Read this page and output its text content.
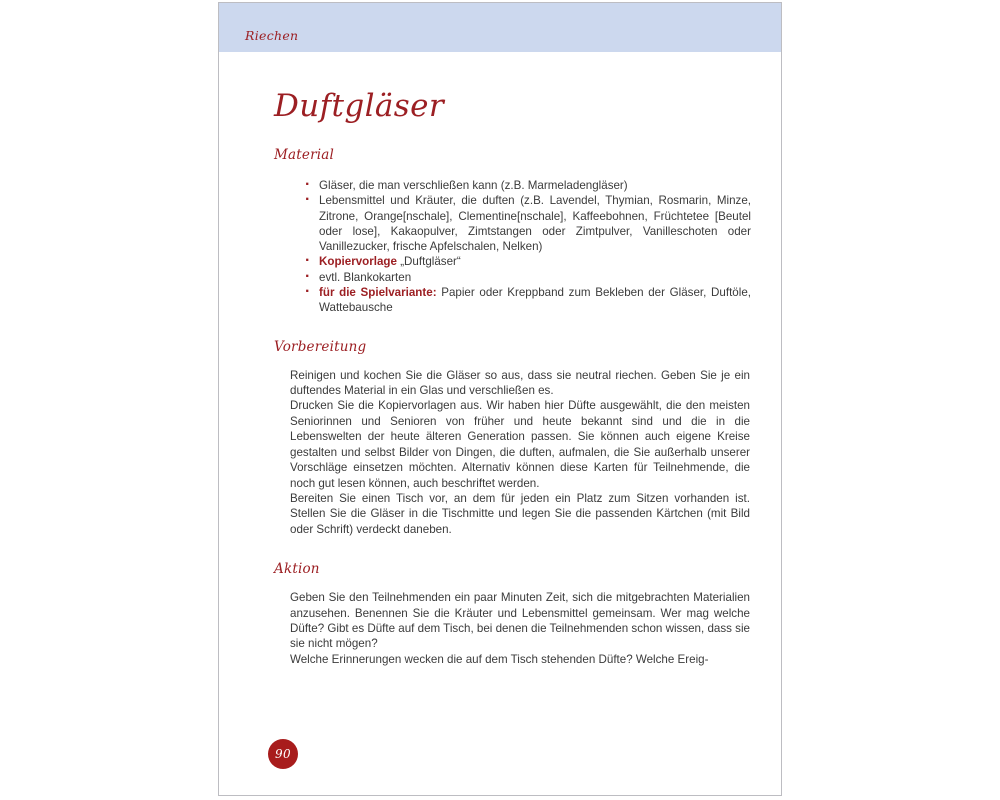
Riechen
Duftgläser
Material
· Gläser, die man verschließen kann (z.B. Marmeladengläser)
· Lebensmittel und Kräuter, die duften (z.B. Lavendel, Thymian, Rosmarin, Minze, Zitrone, Orange[nschale], Clementine[nschale], Kaffeebohnen, Früchtetee [Beutel oder lose], Kakaopulver, Zimtstangen oder Zimtpulver, Vanilleschoten oder Vanillezucker, frische Apfelschalen, Nelken)
· Kopiervorlage „Duftgläser“
· evtl. Blankokarten
· für die Spielvariante: Papier oder Kreppband zum Bekleben der Gläser, Duftöle, Wattebausche
Vorbereitung

Reinigen und kochen Sie die Gläser so aus, dass sie neutral riechen. Geben Sie je ein duftendes Material in ein Glas und verschließen es.

Drucken Sie die Kopiervorlagen aus. Wir haben hier Düfte ausgewählt, die den meisten Seniorinnen und Senioren von früher und heute bekannt sind und die in die Lebenswelten der heute älteren Generation passen. Sie können auch eigene Kreise gestalten und selbst Bilder von Dingen, die duften, aufmalen, die Sie außerhalb unserer Vorschläge einsetzen möchten. Alternativ können diese Karten für Teilnehmende, die noch gut lesen können, auch beschriftet werden.

Bereiten Sie einen Tisch vor, an dem für jeden ein Platz zum Sitzen vorhanden ist. Stellen Sie die Gläser in die Tischmitte und legen Sie die passenden Kärtchen (mit Bild oder Schrift) verdeckt daneben.

Aktion

Geben Sie den Teilnehmenden ein paar Minuten Zeit, sich die mitgebrachten Materialien anzusehen. Benennen Sie die Kräuter und Lebensmittel gemeinsam. Wer mag welche Düfte? Gibt es Düfte auf dem Tisch, bei denen die Teilnehmenden schon wissen, dass sie sie nicht mögen?

Welche Erinnerungen wecken die auf dem Tisch stehenden Düfte? Welche Ereig-

90
